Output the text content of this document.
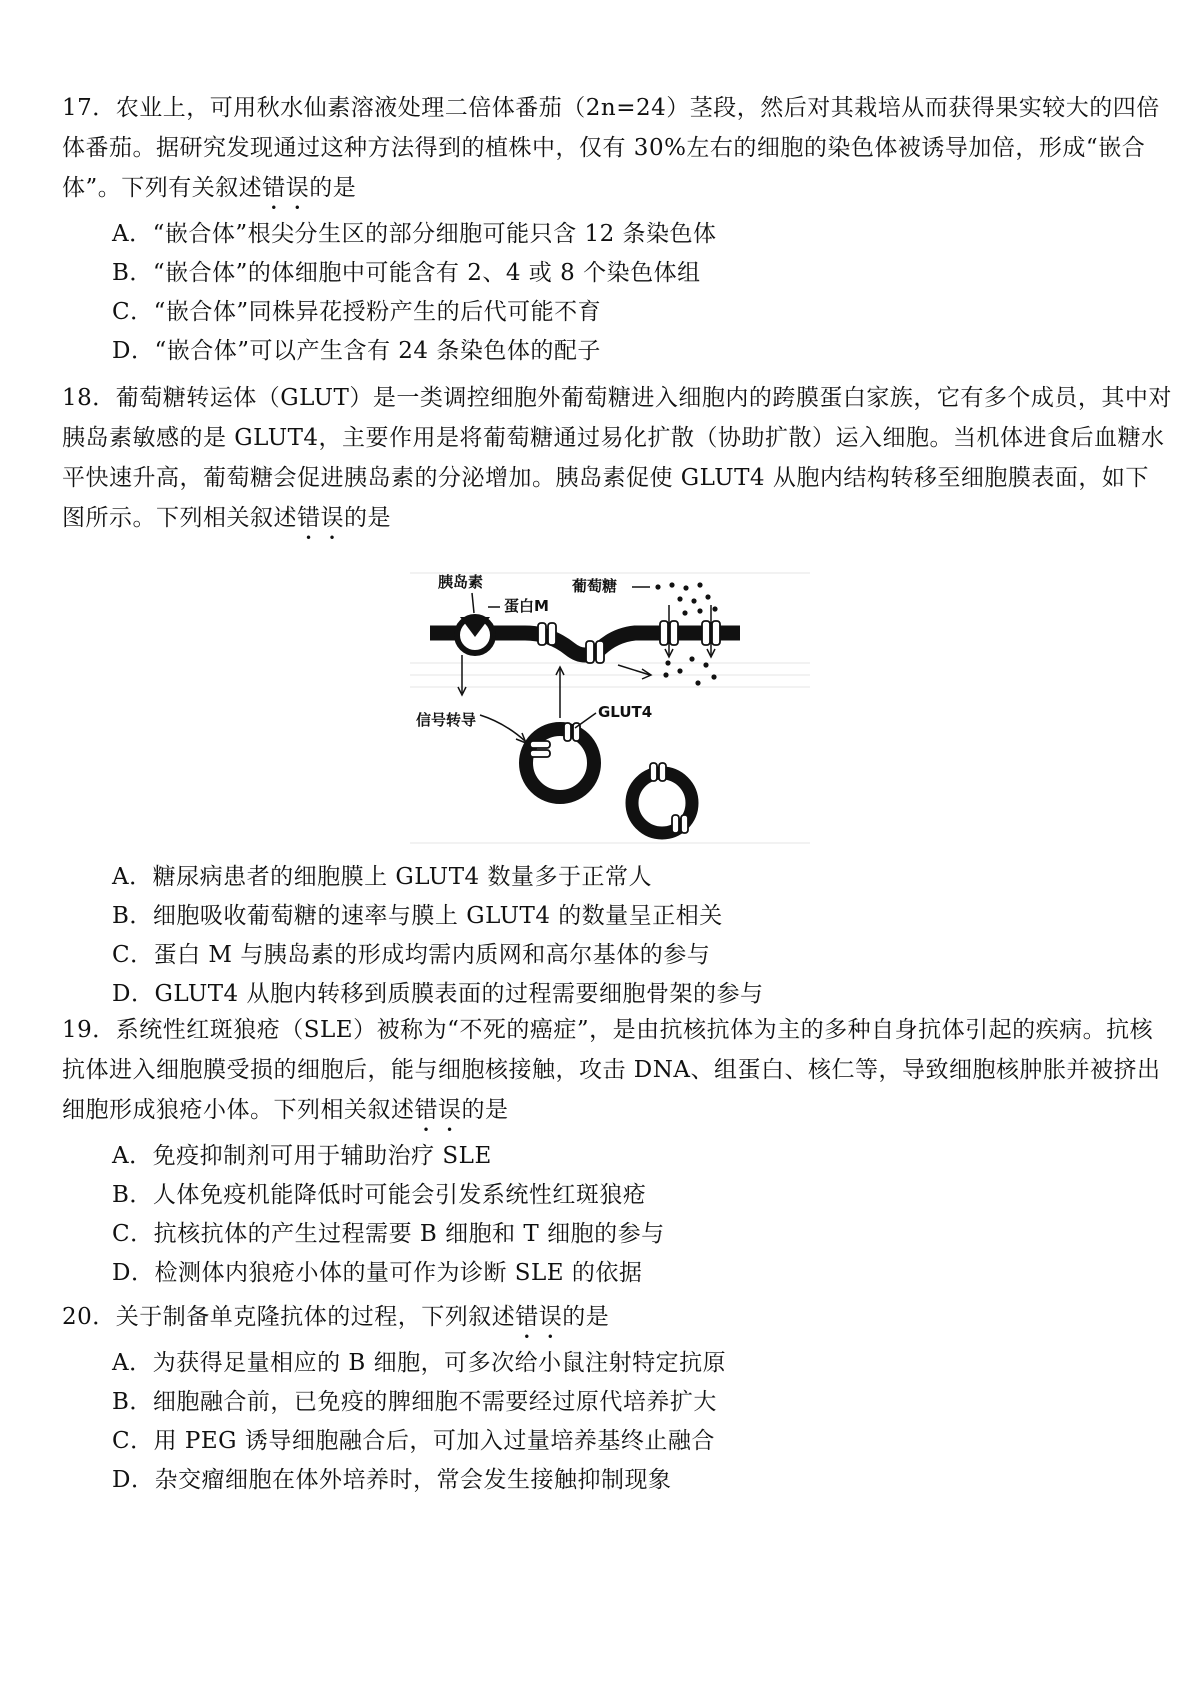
17．农业上，可用秋水仙素溶液处理二倍体番茄（2n=24）茎段，然后对其栽培从而获得果实较大的四倍体番茄。据研究发现通过这种方法得到的植株中，仅有 30%左右的细胞的染色体被诱导加倍，形成“嵌合体”。下列有关叙述错误的是

A．“嵌合体”根尖分生区的部分细胞可能只含 12 条染色体
B．“嵌合体”的体细胞中可能含有 2、4 或 8 个染色体组
C．“嵌合体”同株异花授粉产生的后代可能不育
D．“嵌合体”可以产生含有 24 条染色体的配子

18．葡萄糖转运体（GLUT）是一类调控细胞外葡萄糖进入细胞内的跨膜蛋白家族，它有多个成员，其中对胰岛素敏感的是 GLUT4，主要作用是将葡萄糖通过易化扩散（协助扩散）运入细胞。当机体进食后血糖水平快速升高，葡萄糖会促进胰岛素的分泌增加。胰岛素促使 GLUT4 从胞内结构转移至细胞膜表面，如下图所示。下列相关叙述错误的是

胰岛素
蛋白M
葡萄糖
信号转导	GLUT4
A．糖尿病患者的细胞膜上 GLUT4 数量多于正常人
B．细胞吸收葡萄糖的速率与膜上 GLUT4 的数量呈正相关
C．蛋白 M 与胰岛素的形成均需内质网和高尔基体的参与
D．GLUT4 从胞内转移到质膜表面的过程需要细胞骨架的参与

19．系统性红斑狼疮（SLE）被称为“不死的癌症”，是由抗核抗体为主的多种自身抗体引起的疾病。抗核抗体进入细胞膜受损的细胞后，能与细胞核接触，攻击 DNA、组蛋白、核仁等，导致细胞核肿胀并被挤出细胞形成狼疮小体。下列相关叙述错误的是

A．免疫抑制剂可用于辅助治疗 SLE
B．人体免疫机能降低时可能会引发系统性红斑狼疮
C．抗核抗体的产生过程需要 B 细胞和 T 细胞的参与
D．检测体内狼疮小体的量可作为诊断 SLE 的依据

20．关于制备单克隆抗体的过程，下列叙述错误的是

A．为获得足量相应的 B 细胞，可多次给小鼠注射特定抗原
B．细胞融合前，已免疫的脾细胞不需要经过原代培养扩大
C．用 PEG 诱导细胞融合后，可加入过量培养基终止融合
D．杂交瘤细胞在体外培养时，常会发生接触抑制现象
